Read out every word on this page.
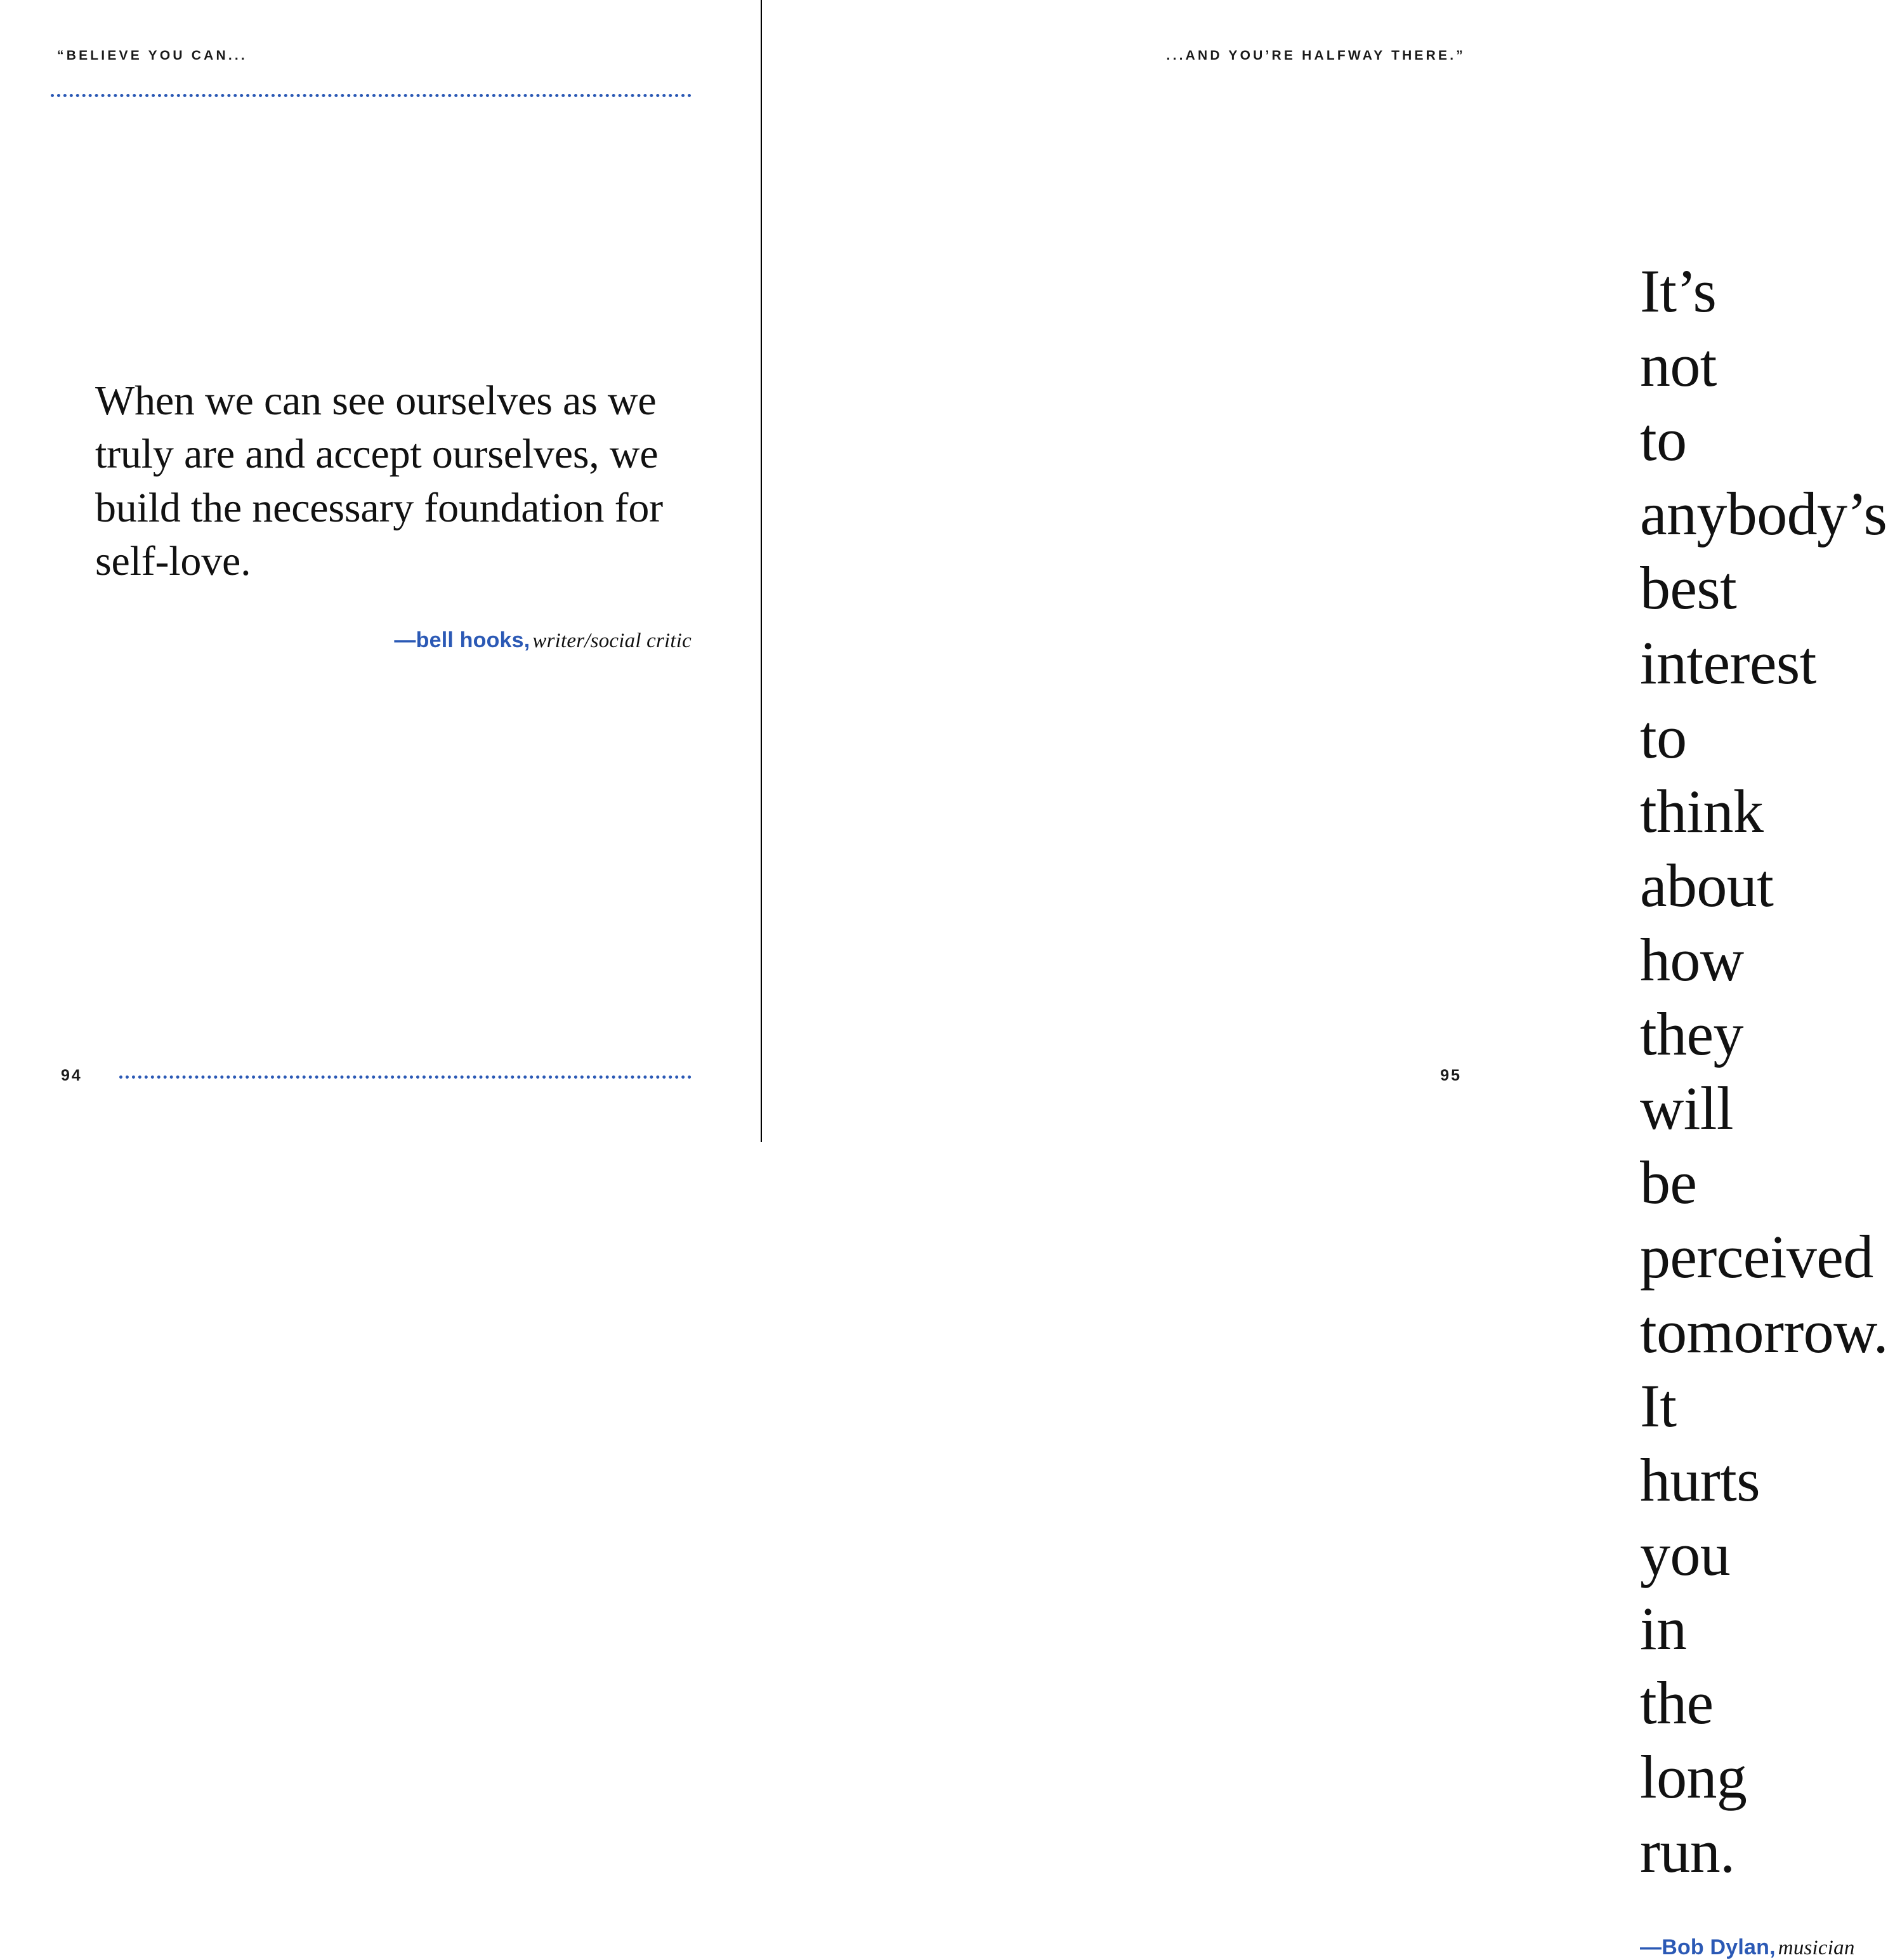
“BELIEVE YOU CAN...
When we can see ourselves as we truly are and accept ourselves, we build the necessary foundation for self-love.
—bell hooks, writer/social critic
94
...AND YOU’RE HALFWAY THERE.”
It’s not to anybody’s best interest to think about how they will be perceived tomorrow. It hurts you in the long run.
—Bob Dylan, musician
95
